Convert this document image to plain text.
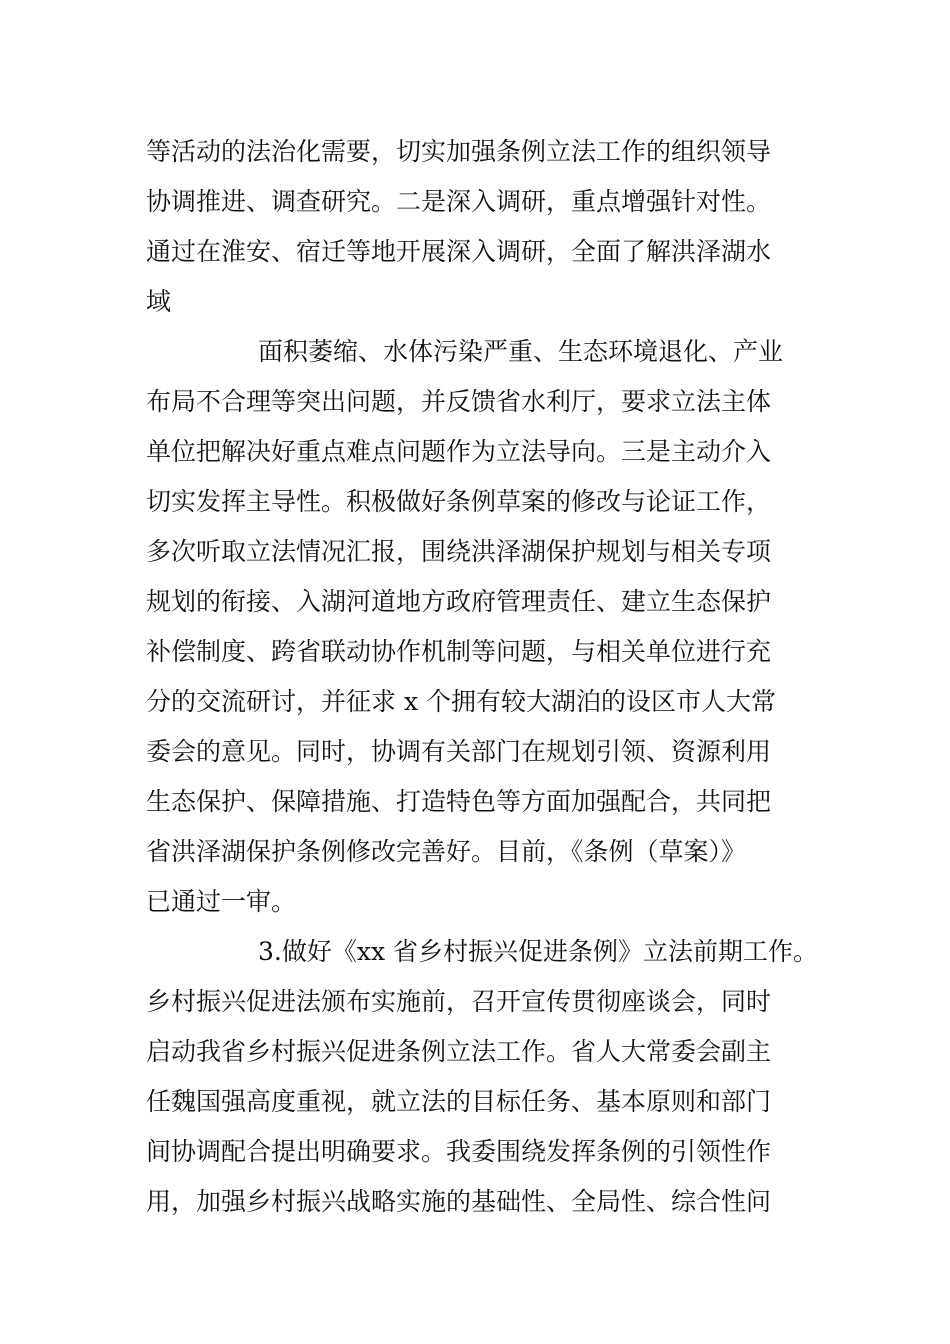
等活动的法治化需要，切实加强条例立法工作的组织领导

协调推进、调查研究。二是深入调研，重点增强针对性。

通过在淮安、宿迁等地开展深入调研，全面了解洪泽湖水

域

面积萎缩、水体污染严重、生态环境退化、产业

布局不合理等突出问题，并反馈省水利厅，要求立法主体

单位把解决好重点难点问题作为立法导向。三是主动介入

切实发挥主导性。积极做好条例草案的修改与论证工作，

多次听取立法情况汇报，围绕洪泽湖保护规划与相关专项

规划的衔接、入湖河道地方政府管理责任、建立生态保护

补偿制度、跨省联动协作机制等问题，与相关单位进行充

分的交流研讨，并征求 x 个拥有较大湖泊的设区市人大常

委会的意见。同时，协调有关部门在规划引领、资源利用

生态保护、保障措施、打造特色等方面加强配合，共同把

省洪泽湖保护条例修改完善好。目前，《条例（草案）》

已通过一审。

3.做好《xx 省乡村振兴促进条例》立法前期工作。

乡村振兴促进法颁布实施前，召开宣传贯彻座谈会，同时

启动我省乡村振兴促进条例立法工作。省人大常委会副主

任魏国强高度重视，就立法的目标任务、基本原则和部门

间协调配合提出明确要求。我委围绕发挥条例的引领性作

用，加强乡村振兴战略实施的基础性、全局性、综合性问
